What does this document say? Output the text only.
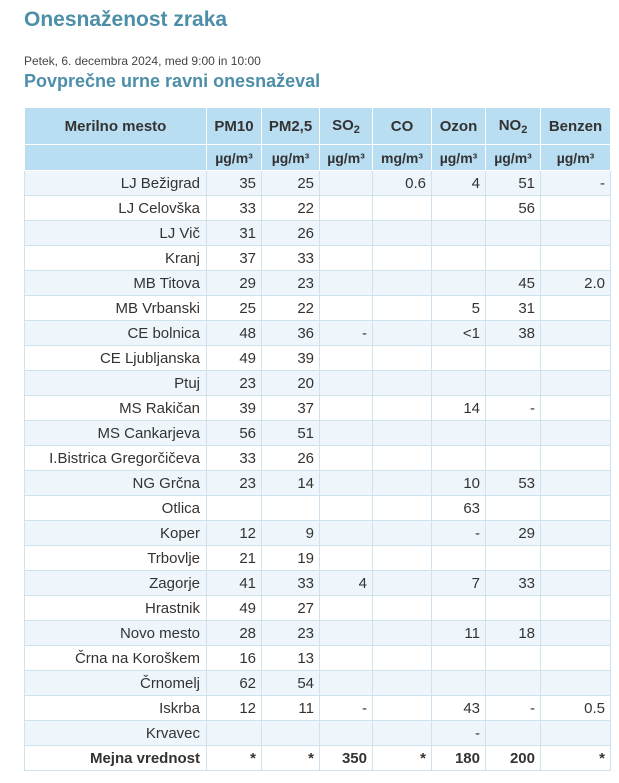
Onesnaženost zraka
Petek, 6. decembra 2024, med 9:00 in 10:00
Povprečne urne ravni onesnaževal
Merilno mesto	PM10	PM2,5	$SO_2$	CO	Ozon	$NO_2$	Benzen
	µg/m³	µg/m³	µg/m³	mg/m³	µg/m³	µg/m³	µg/m³
LJ Bežigrad	35	25		0.6	4	51	-
LJ Celovška	33	22				56	
LJ Vič	31	26					
Kranj	37	33					
MB Titova	29	23				45	2.0
MB Vrbanski	25	22			5	31	
CE bolnica	48	36	-		<1	38	
CE Ljubljanska	49	39					
Ptuj	23	20					
MS Rakičan	39	37			14	-	
MS Cankarjeva	56	51					
I.Bistrica Gregorčičeva	33	26					
NG Grčna	23	14			10	53	
Otlica					63		
Koper	12	9			-	29	
Trbovlje	21	19					
Zagorje	41	33	4		7	33	
Hrastnik	49	27					
Novo mesto	28	23			11	18	
Črna na Koroškem	16	13					
Črnomelj	62	54					
Iskrba	12	11	-		43	-	0.5
Krvavec					-		
Mejna vrednost	*	*	350	*	180	200	*
